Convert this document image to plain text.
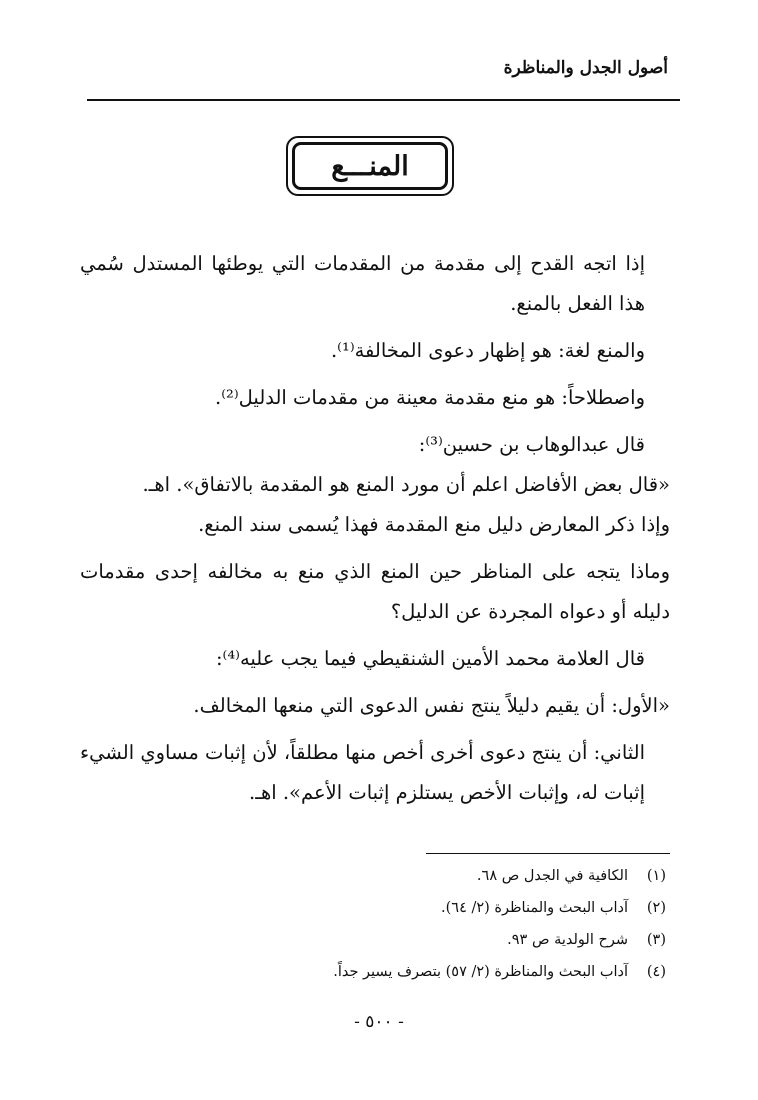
أصول الجدل والمناظرة
المنـــع

إذا اتجه القدح إلى مقدمة من المقدمات التي يوطئها المستدل سُمي هذا الفعل بالمنع.

والمنع لغة: هو إظهار دعوى المخالفة⁽¹⁾.

واصطلاحاً: هو منع مقدمة معينة من مقدمات الدليل⁽²⁾.

قال عبدالوهاب بن حسين⁽³⁾:

«قال بعض الأفاضل اعلم أن مورد المنع هو المقدمة بالاتفاق». اهـ.

وإذا ذكر المعارض دليل منع المقدمة فهذا يُسمى سند المنع.

وماذا يتجه على المناظر حين المنع الذي منع به مخالفه إحدى مقدمات دليله أو دعواه المجردة عن الدليل؟

قال العلامة محمد الأمين الشنقيطي فيما يجب عليه⁽⁴⁾:

«الأول: أن يقيم دليلاً ينتج نفس الدعوى التي منعها المخالف.

الثاني: أن ينتج دعوى أخرى أخص منها مطلقاً، لأن إثبات مساوي الشيء إثبات له، وإثبات الأخص يستلزم إثبات الأعم». اهـ.

(١)
الكافية في الجدل ص ٦٨.
(٢)
آداب البحث والمناظرة (٢/ ٦٤).
(٣)
شرح الولدية ص ٩٣.
(٤)
آداب البحث والمناظرة (٢/ ٥٧) بتصرف يسير جداً.
- ٥٠٠ -
